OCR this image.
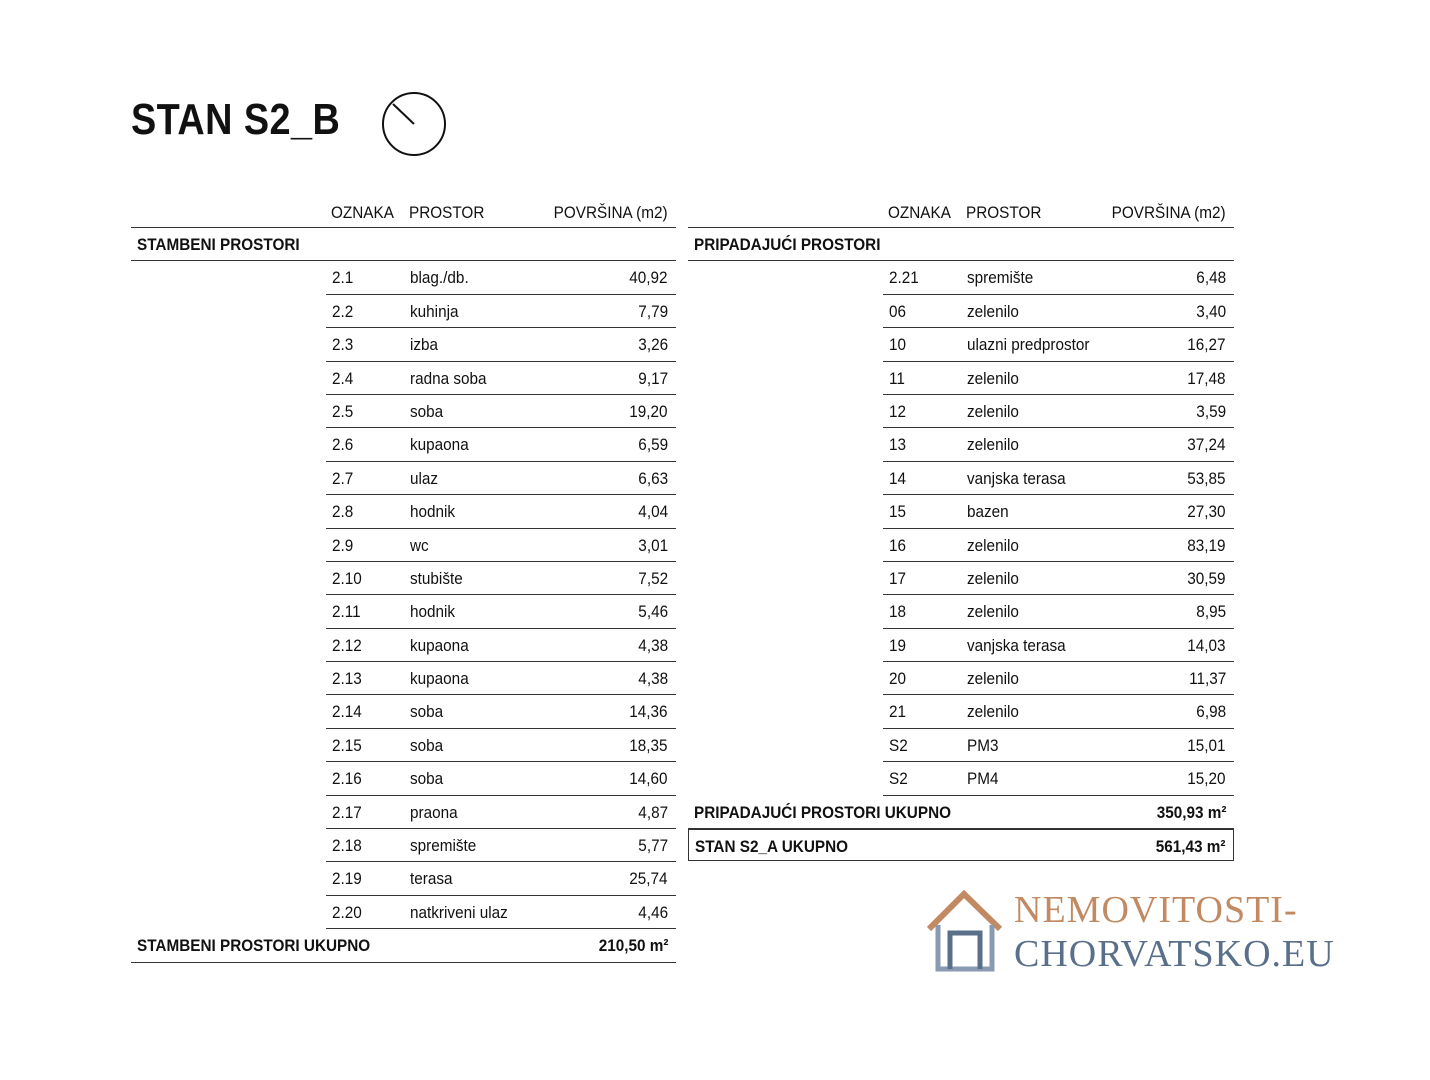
STAN S2_B
OZNAKA PROSTOR	POVRŠINA (m2)
STAMBENI PROSTORI
2.1	blag./db.	40,92
2.2	kuhinja	7,79
2.3	izba	3,26
2.4	radna soba	9,17
2.5	soba	19,20
2.6	kupaona	6,59
2.7	ulaz	6,63
2.8	hodnik	4,04
2.9	wc	3,01
2.10	stubište	7,52
2.11	hodnik	5,46
2.12	kupaona	4,38
2.13	kupaona	4,38
2.14	soba	14,36
2.15	soba	18,35
2.16	soba	14,60
2.17	praona	4,87
2.18	spremište	5,77
2.19	terasa	25,74
2.20	natkriveni ulaz	4,46
STAMBENI PROSTORI UKUPNO	210,50 m²
OZNAKA PROSTOR	POVRŠINA (m2)
PRIPADAJUĆI PROSTORI
2.21	spremište	6,48
06	zelenilo	3,40
10	ulazni predprostor	16,27
11	zelenilo	17,48
12	zelenilo	3,59
13	zelenilo	37,24
14	vanjska terasa	53,85
15	bazen	27,30
16	zelenilo	83,19
17	zelenilo	30,59
18	zelenilo	8,95
19	vanjska terasa	14,03
20	zelenilo	11,37
21	zelenilo	6,98
S2	PM3	15,01
S2	PM4	15,20
PRIPADAJUĆI PROSTORI UKUPNO	350,93 m²
STAN S2_A UKUPNO	561,43 m²
NEMOVITOSTI-
CHORVATSKO.EU
